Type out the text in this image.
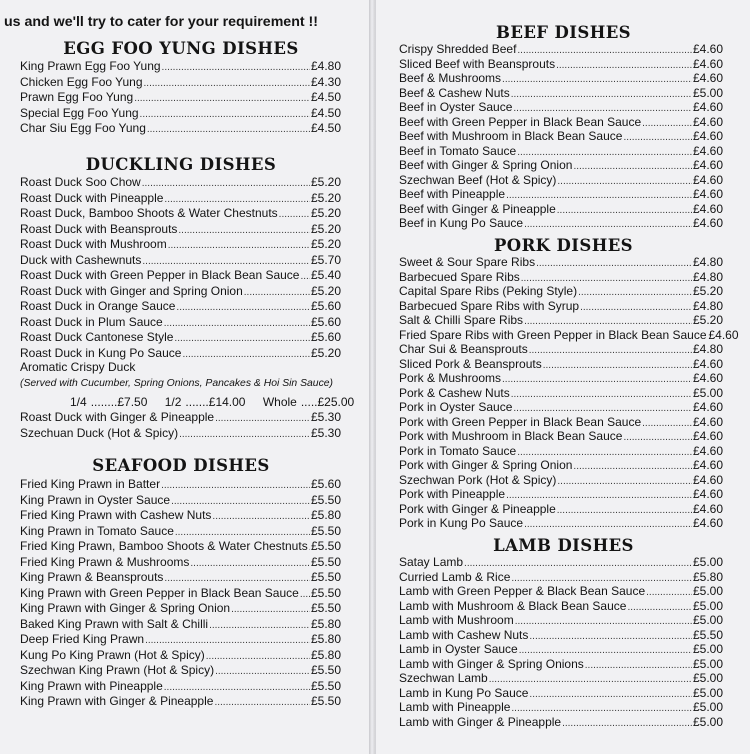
us and we'll try to cater for your requirement !!
EGG FOO YUNG DISHES
King Prawn Egg Foo Yung .....	£4.80
Chicken Egg Foo Yung .....	£4.30
Prawn Egg Foo Yung .....	£4.50
Special Egg Foo Yung .....	£4.50
Char Siu Egg Foo Yung .....	£4.50
DUCKLING DISHES
Roast Duck Soo Chow .....	£5.20
Roast Duck with Pineapple .....	£5.20
Roast Duck, Bamboo Shoots & Water Chestnuts .....	£5.20
Roast Duck with Beansprouts .....	£5.20
Roast Duck with Mushroom .....	£5.20
Duck with Cashewnuts .....	£5.70
Roast Duck with Green Pepper in Black Bean Sauce ..... £5.40
Roast Duck with Ginger and Spring Onion .....	£5.20
Roast Duck in Orange Sauce .....	£5.60
Roast Duck in Plum Sauce .....	£5.60
Roast Duck Cantonese Style .....	£5.60
Roast Duck in Kung Po Sauce .....	£5.20
Aromatic Crispy Duck
(Served with Cucumber, Spring Onions, Pancakes & Hoi Sin Sauce)
1/4 ........£7.50 1/2 .......£14.00 Whole .....£25.00
Roast Duck with Ginger & Pineapple .....	£5.30
Szechuan Duck (Hot & Spicy) .....	£5.30
SEAFOOD DISHES
Fried King Prawn in Batter .....	£5.60
King Prawn in Oyster Sauce .....	£5.50
Fried King Prawn with Cashew Nuts .....	£5.80
King Prawn in Tomato Sauce .....	£5.50
Fried King Prawn, Bamboo Shoots & Water Chestnuts ..... £5.50
Fried King Prawn & Mushrooms .....	£5.50
King Prawn & Beansprouts .....	£5.50
King Prawn with Green Pepper in Black Bean Sauce ..... £5.50
King Prawn with Ginger & Spring Onion .....	£5.50
Baked King Prawn with Salt & Chilli .....	£5.80
Deep Fried King Prawn .....	£5.80
Kung Po King Prawn (Hot & Spicy) .....	£5.80
Szechwan King Prawn (Hot & Spicy) .....	£5.50
King Prawn with Pineapple .....	£5.50
King Prawn with Ginger & Pineapple .....	£5.50
BEEF DISHES
Crispy Shredded Beef .....	£4.60
Sliced Beef with Beansprouts .....	£4.60
Beef & Mushrooms .....	£4.60
Beef & Cashew Nuts .....	£5.00
Beef in Oyster Sauce .....	£4.60
Beef with Green Pepper in Black Bean Sauce .....	£4.60
Beef with Mushroom in Black Bean Sauce .....	£4.60
Beef in Tomato Sauce .....	£4.60
Beef with Ginger & Spring Onion .....	£4.60
Szechwan Beef (Hot & Spicy) .....	£4.60
Beef with Pineapple .....	£4.60
Beef with Ginger & Pineapple .....	£4.60
Beef in Kung Po Sauce .....	£4.60
PORK DISHES
Sweet & Sour Spare Ribs .....	£4.80
Barbecued Spare Ribs .....	£4.80
Capital Spare Ribs (Peking Style) .....	£5.20
Barbecued Spare Ribs with Syrup .....	£4.80
Salt & Chilli Spare Ribs .....	£5.20
Fried Spare Ribs with Green Pepper in Black Bean Sauce £4.60
Char Sui & Beansprouts .....	£4.80
Sliced Pork & Beansprouts .....	£4.60
Pork & Mushrooms .....	£4.60
Pork & Cashew Nuts .....	£5.00
Pork in Oyster Sauce .....	£4.60
Pork with Green Pepper in Black Bean Sauce .....	£4.60
Pork with Mushroom in Black Bean Sauce .....	£4.60
Pork in Tomato Sauce .....	£4.60
Pork with Ginger & Spring Onion .....	£4.60
Szechwan Pork (Hot & Spicy) .....	£4.60
Pork with Pineapple .....	£4.60
Pork with Ginger & Pineapple .....	£4.60
Pork in Kung Po Sauce .....	£4.60
LAMB DISHES
Satay Lamb .....	£5.00
Curried Lamb & Rice .....	£5.80
Lamb with Green Pepper & Black Bean Sauce .....	£5.00
Lamb with Mushroom & Black Bean Sauce .....	£5.00
Lamb with Mushroom .....	£5.00
Lamb with Cashew Nuts .....	£5.50
Lamb in Oyster Sauce .....	£5.00
Lamb with Ginger & Spring Onions .....	£5.00
Szechwan Lamb .....	£5.00
Lamb in Kung Po Sauce .....	£5.00
Lamb with Pineapple .....	£5.00
Lamb with Ginger & Pineapple .....	£5.00
